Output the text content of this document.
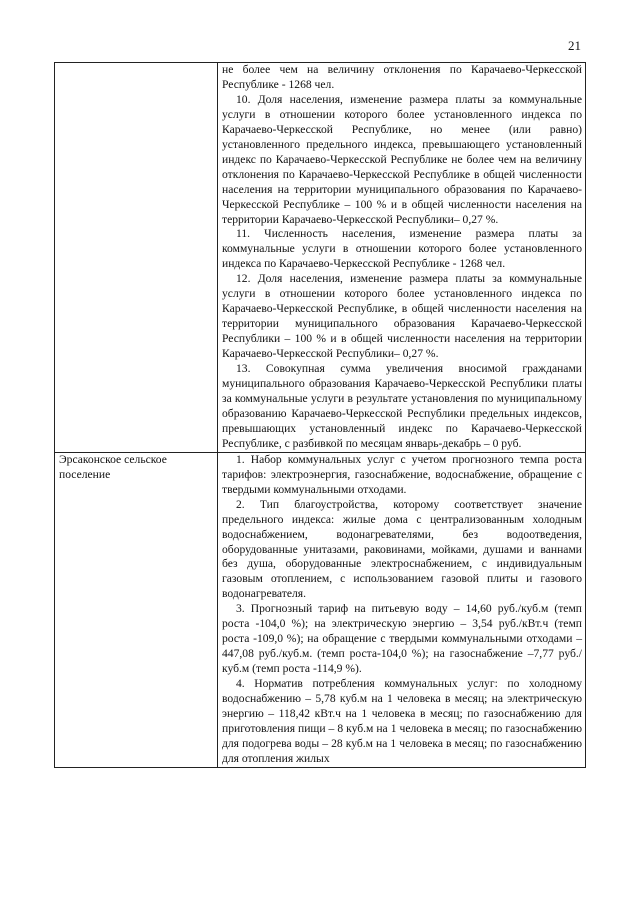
21

	не более чем на величину отклонения по Карачаево-Черкесской Республике - 1268 чел.

10. Доля населения, изменение размера платы за коммунальные услуги в отношении которого более установленного индекса по Карачаево-Черкесской Республике, но менее (или равно) установленного предельного индекса, превышающего установленный индекс по Карачаево-Черкесской Республике не более чем на величину отклонения по Карачаево-Черкесской Республике в общей численности населения на территории муниципального образования по Карачаево-Черкесской Республике – 100 % и в общей численности населения на территории Карачаево-Черкесской Республики– 0,27 %.

11. Численность населения, изменение размера платы за коммунальные услуги в отношении которого более установленного индекса по Карачаево-Черкесской Республике - 1268 чел.

12. Доля населения, изменение размера платы за коммунальные услуги в отношении которого более установленного индекса по Карачаево-Черкесской Республике, в общей численности населения на территории муниципального образования Карачаево-Черкесской Республики – 100 % и в общей численности населения на территории Карачаево-Черкесской Республики– 0,27 %.

13. Совокупная сумма увеличения вносимой гражданами муниципального образования Карачаево-Черкесской Республики платы за коммунальные услуги в результате установления по муниципальному образованию Карачаево-Черкесской Республики предельных индексов, превышающих установленный индекс по Карачаево-Черкесской Республике, с разбивкой по месяцам январь-декабрь – 0 руб.

Эрсаконское сельское поселение	1. Набор коммунальных услуг с учетом прогнозного темпа роста тарифов: электроэнергия, газоснабжение, водоснабжение, обращение с твердыми коммунальными отходами.

2. Тип благоустройства, которому соответствует значение предельного индекса: жилые дома с централизованным холодным водоснабжением, водонагревателями, без водоотведения, оборудованные унитазами, раковинами, мойками, душами и ваннами без душа, оборудованные электроснабжением, с индивидуальным газовым отоплением, с использованием газовой плиты и газового водонагревателя.

3. Прогнозный тариф на питьевую воду – 14,60 руб./куб.м (темп роста -104,0 %); на электрическую энергию – 3,54 руб./кВт.ч (темп роста -109,0 %); на обращение с твердыми коммунальными отходами – 447,08 руб./куб.м. (темп роста-104,0 %); на газоснабжение –7,77 руб./куб.м (темп роста -114,9 %).

4. Норматив потребления коммунальных услуг: по холодному водоснабжению – 5,78 куб.м на 1 человека в месяц; на электрическую энергию – 118,42 кВт.ч на 1 человека в месяц; по газоснабжению для приготовления пищи – 8 куб.м на 1 человека в месяц; по газоснабжению для подогрева воды – 28 куб.м на 1 человека в месяц; по газоснабжению для отопления жилых
